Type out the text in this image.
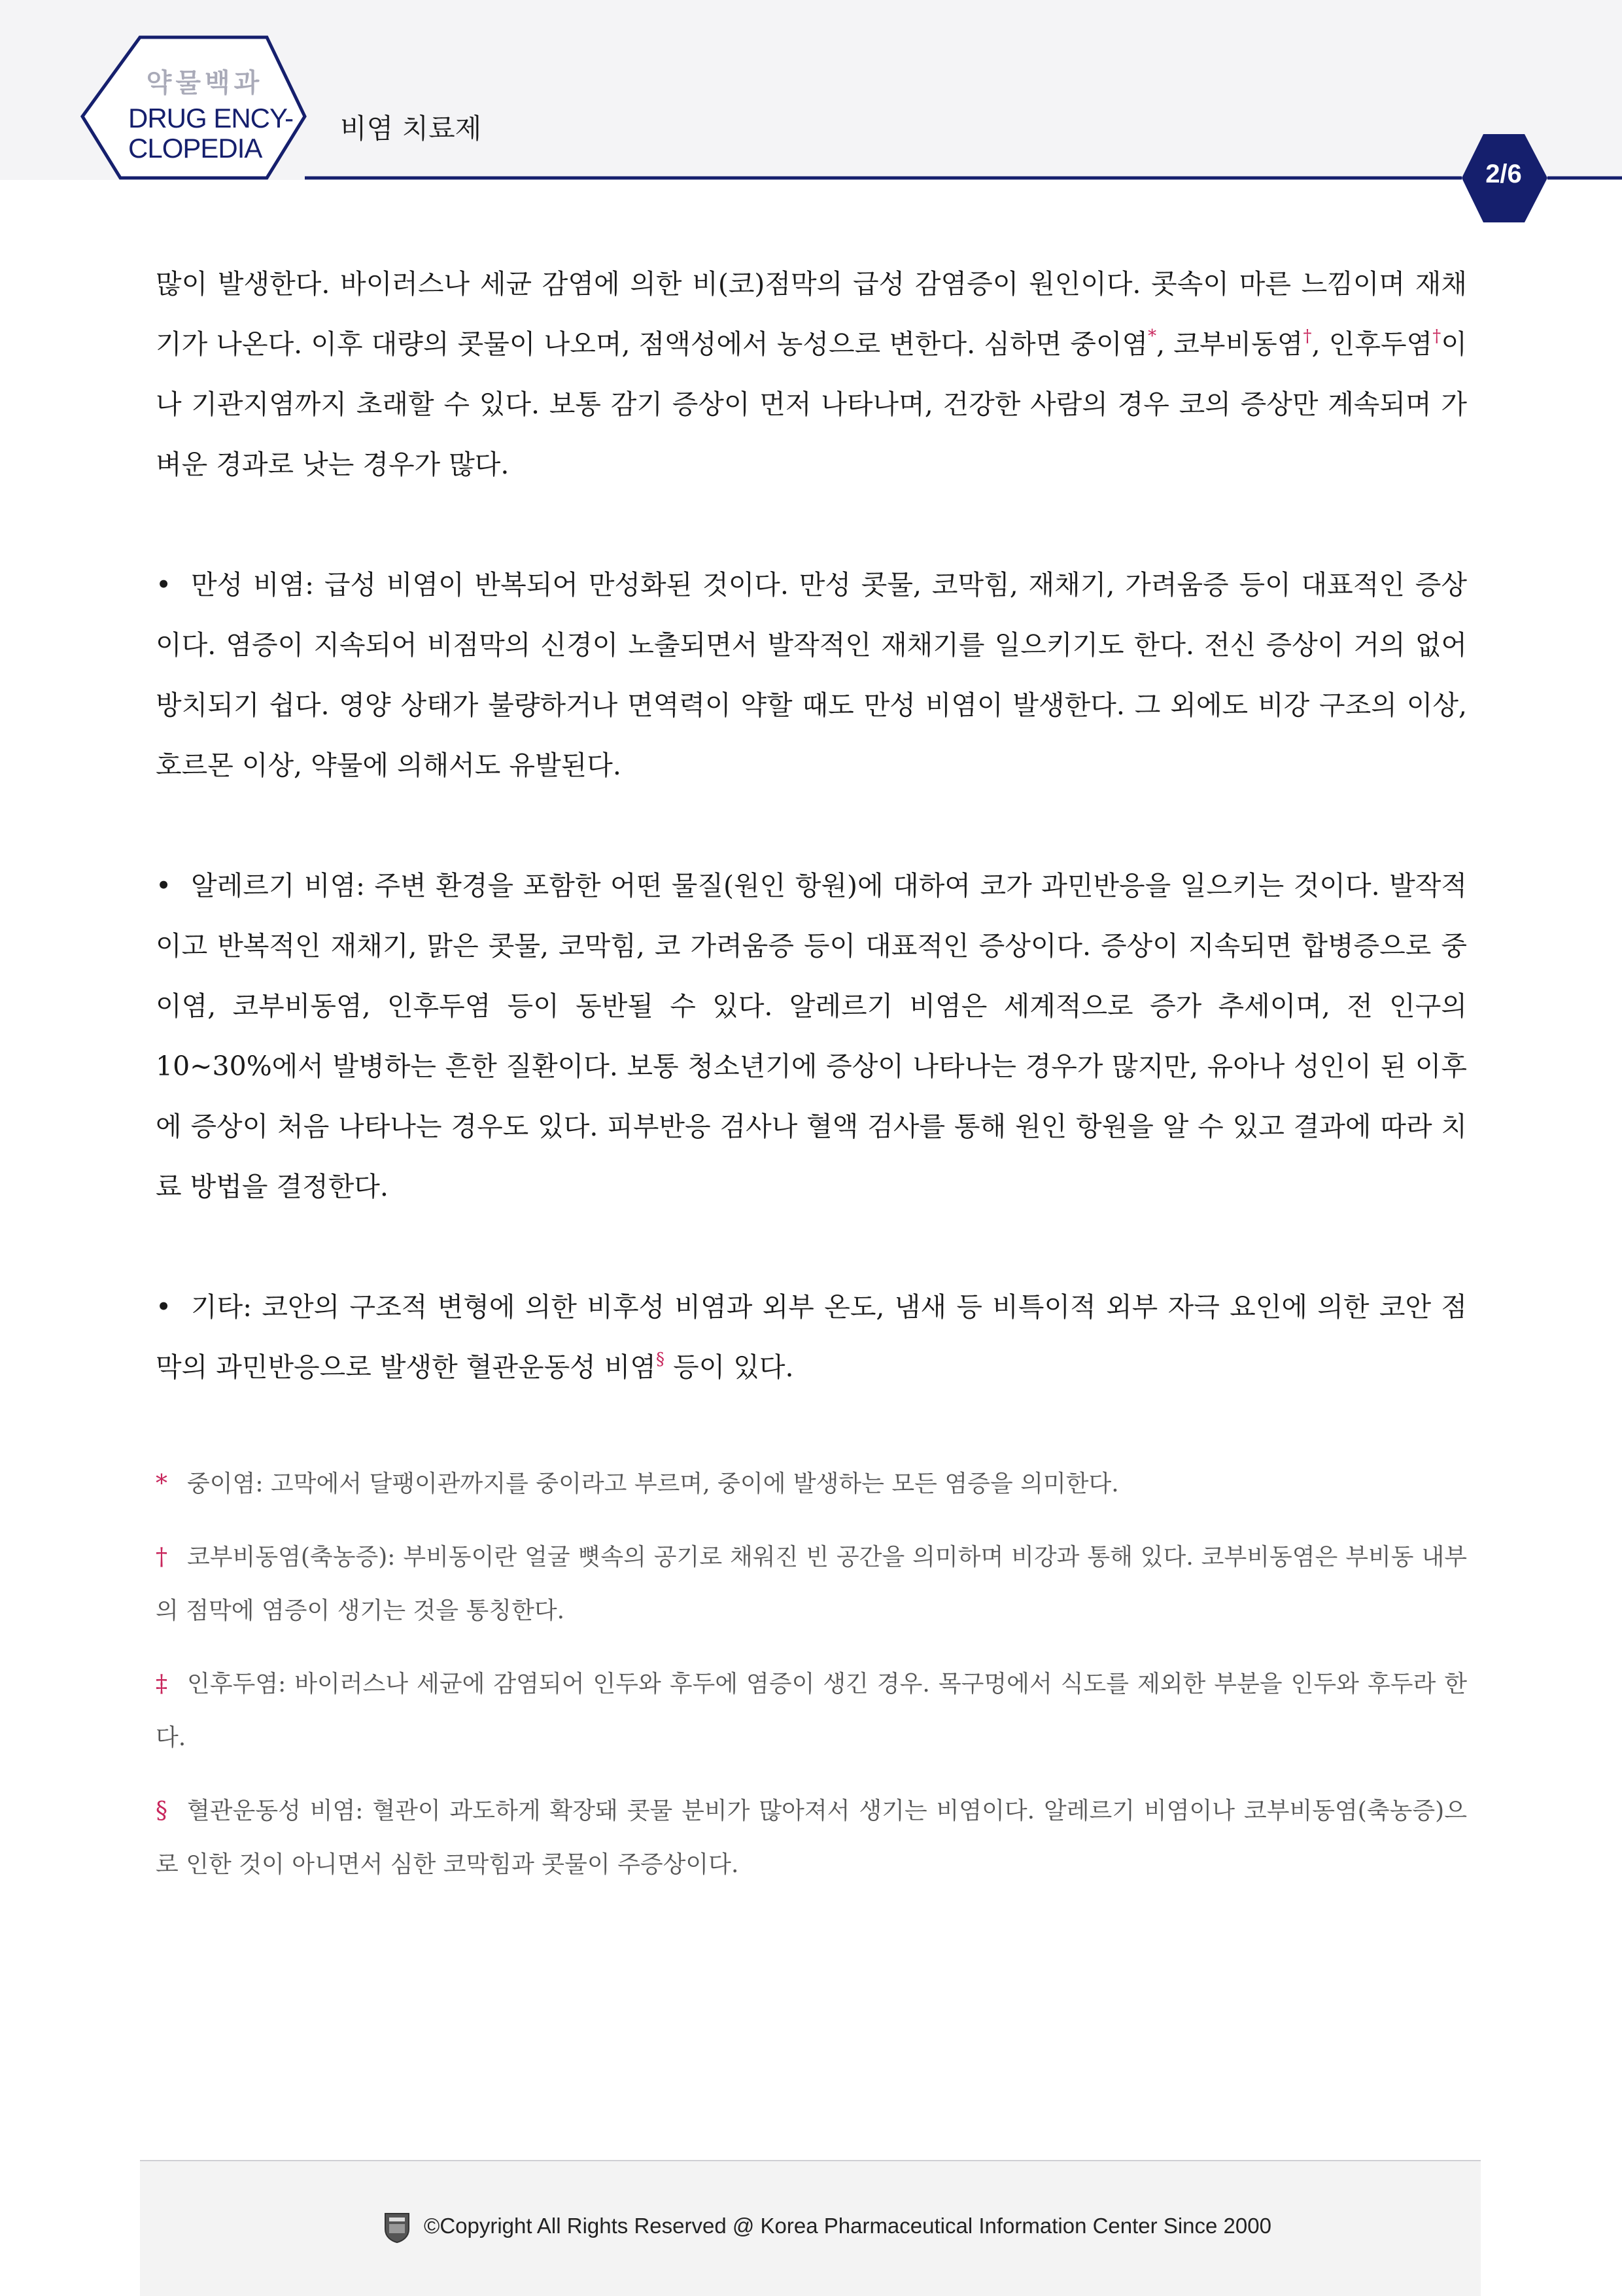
약물백과
DRUG ENCY-
CLOPEDIA
비염 치료제
2/6

많이 발생한다. 바이러스나 세균 감염에 의한 비(코)점막의 급성 감염증이 원인이다. 콧속이 마른 느낌이며 재채기가 나온다. 이후 대량의 콧물이 나오며, 점액성에서 농성으로 변한다. 심하면 중이염*, 코부비동염†, 인후두염†이나 기관지염까지 초래할 수 있다. 보통 감기 증상이 먼저 나타나며, 건강한 사람의 경우 코의 증상만 계속되며 가벼운 경과로 낫는 경우가 많다.

• 만성 비염: 급성 비염이 반복되어 만성화된 것이다. 만성 콧물, 코막힘, 재채기, 가려움증 등이 대표적인 증상이다. 염증이 지속되어 비점막의 신경이 노출되면서 발작적인 재채기를 일으키기도 한다. 전신 증상이 거의 없어 방치되기 쉽다. 영양 상태가 불량하거나 면역력이 약할 때도 만성 비염이 발생한다. 그 외에도 비강 구조의 이상, 호르몬 이상, 약물에 의해서도 유발된다.

• 알레르기 비염: 주변 환경을 포함한 어떤 물질(원인 항원)에 대하여 코가 과민반응을 일으키는 것이다. 발작적이고 반복적인 재채기, 맑은 콧물, 코막힘, 코 가려움증 등이 대표적인 증상이다. 증상이 지속되면 합병증으로 중이염, 코부비동염, 인후두염 등이 동반될 수 있다. 알레르기 비염은 세계적으로 증가 추세이며, 전 인구의 10~30%에서 발병하는 흔한 질환이다. 보통 청소년기에 증상이 나타나는 경우가 많지만, 유아나 성인이 된 이후에 증상이 처음 나타나는 경우도 있다. 피부반응 검사나 혈액 검사를 통해 원인 항원을 알 수 있고 결과에 따라 치료 방법을 결정한다.

• 기타: 코안의 구조적 변형에 의한 비후성 비염과 외부 온도, 냄새 등 비특이적 외부 자극 요인에 의한 코안 점막의 과민반응으로 발생한 혈관운동성 비염§ 등이 있다.

* 중이염: 고막에서 달팽이관까지를 중이라고 부르며, 중이에 발생하는 모든 염증을 의미한다.

† 코부비동염(축농증): 부비동이란 얼굴 뼛속의 공기로 채워진 빈 공간을 의미하며 비강과 통해 있다. 코부비동염은 부비동 내부의 점막에 염증이 생기는 것을 통칭한다.

‡ 인후두염: 바이러스나 세균에 감염되어 인두와 후두에 염증이 생긴 경우. 목구멍에서 식도를 제외한 부분을 인두와 후두라 한다.

§ 혈관운동성 비염: 혈관이 과도하게 확장돼 콧물 분비가 많아져서 생기는 비염이다. 알레르기 비염이나 코부비동염(축농증)으로 인한 것이 아니면서 심한 코막힘과 콧물이 주증상이다.

©Copyright All Rights Reserved @ Korea Pharmaceutical Information Center Since 2000
